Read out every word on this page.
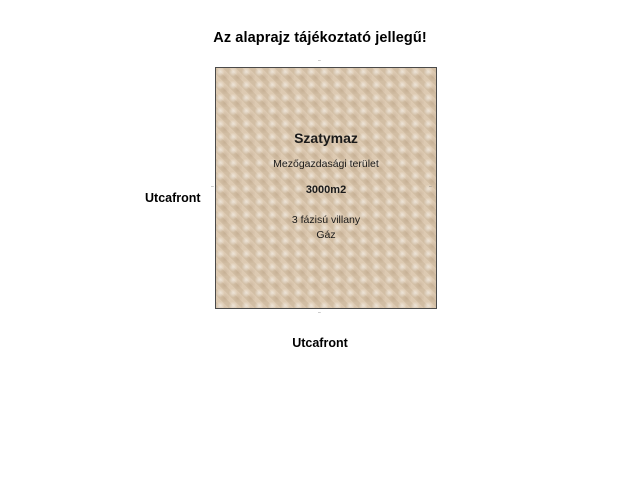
Az alaprajz tájékoztató jellegű!
Utcafront
Szatymaz
Mezőgazdasági terület
3000m2
3 fázisú villany
Gáz
–
–
–	–
Utcafront
